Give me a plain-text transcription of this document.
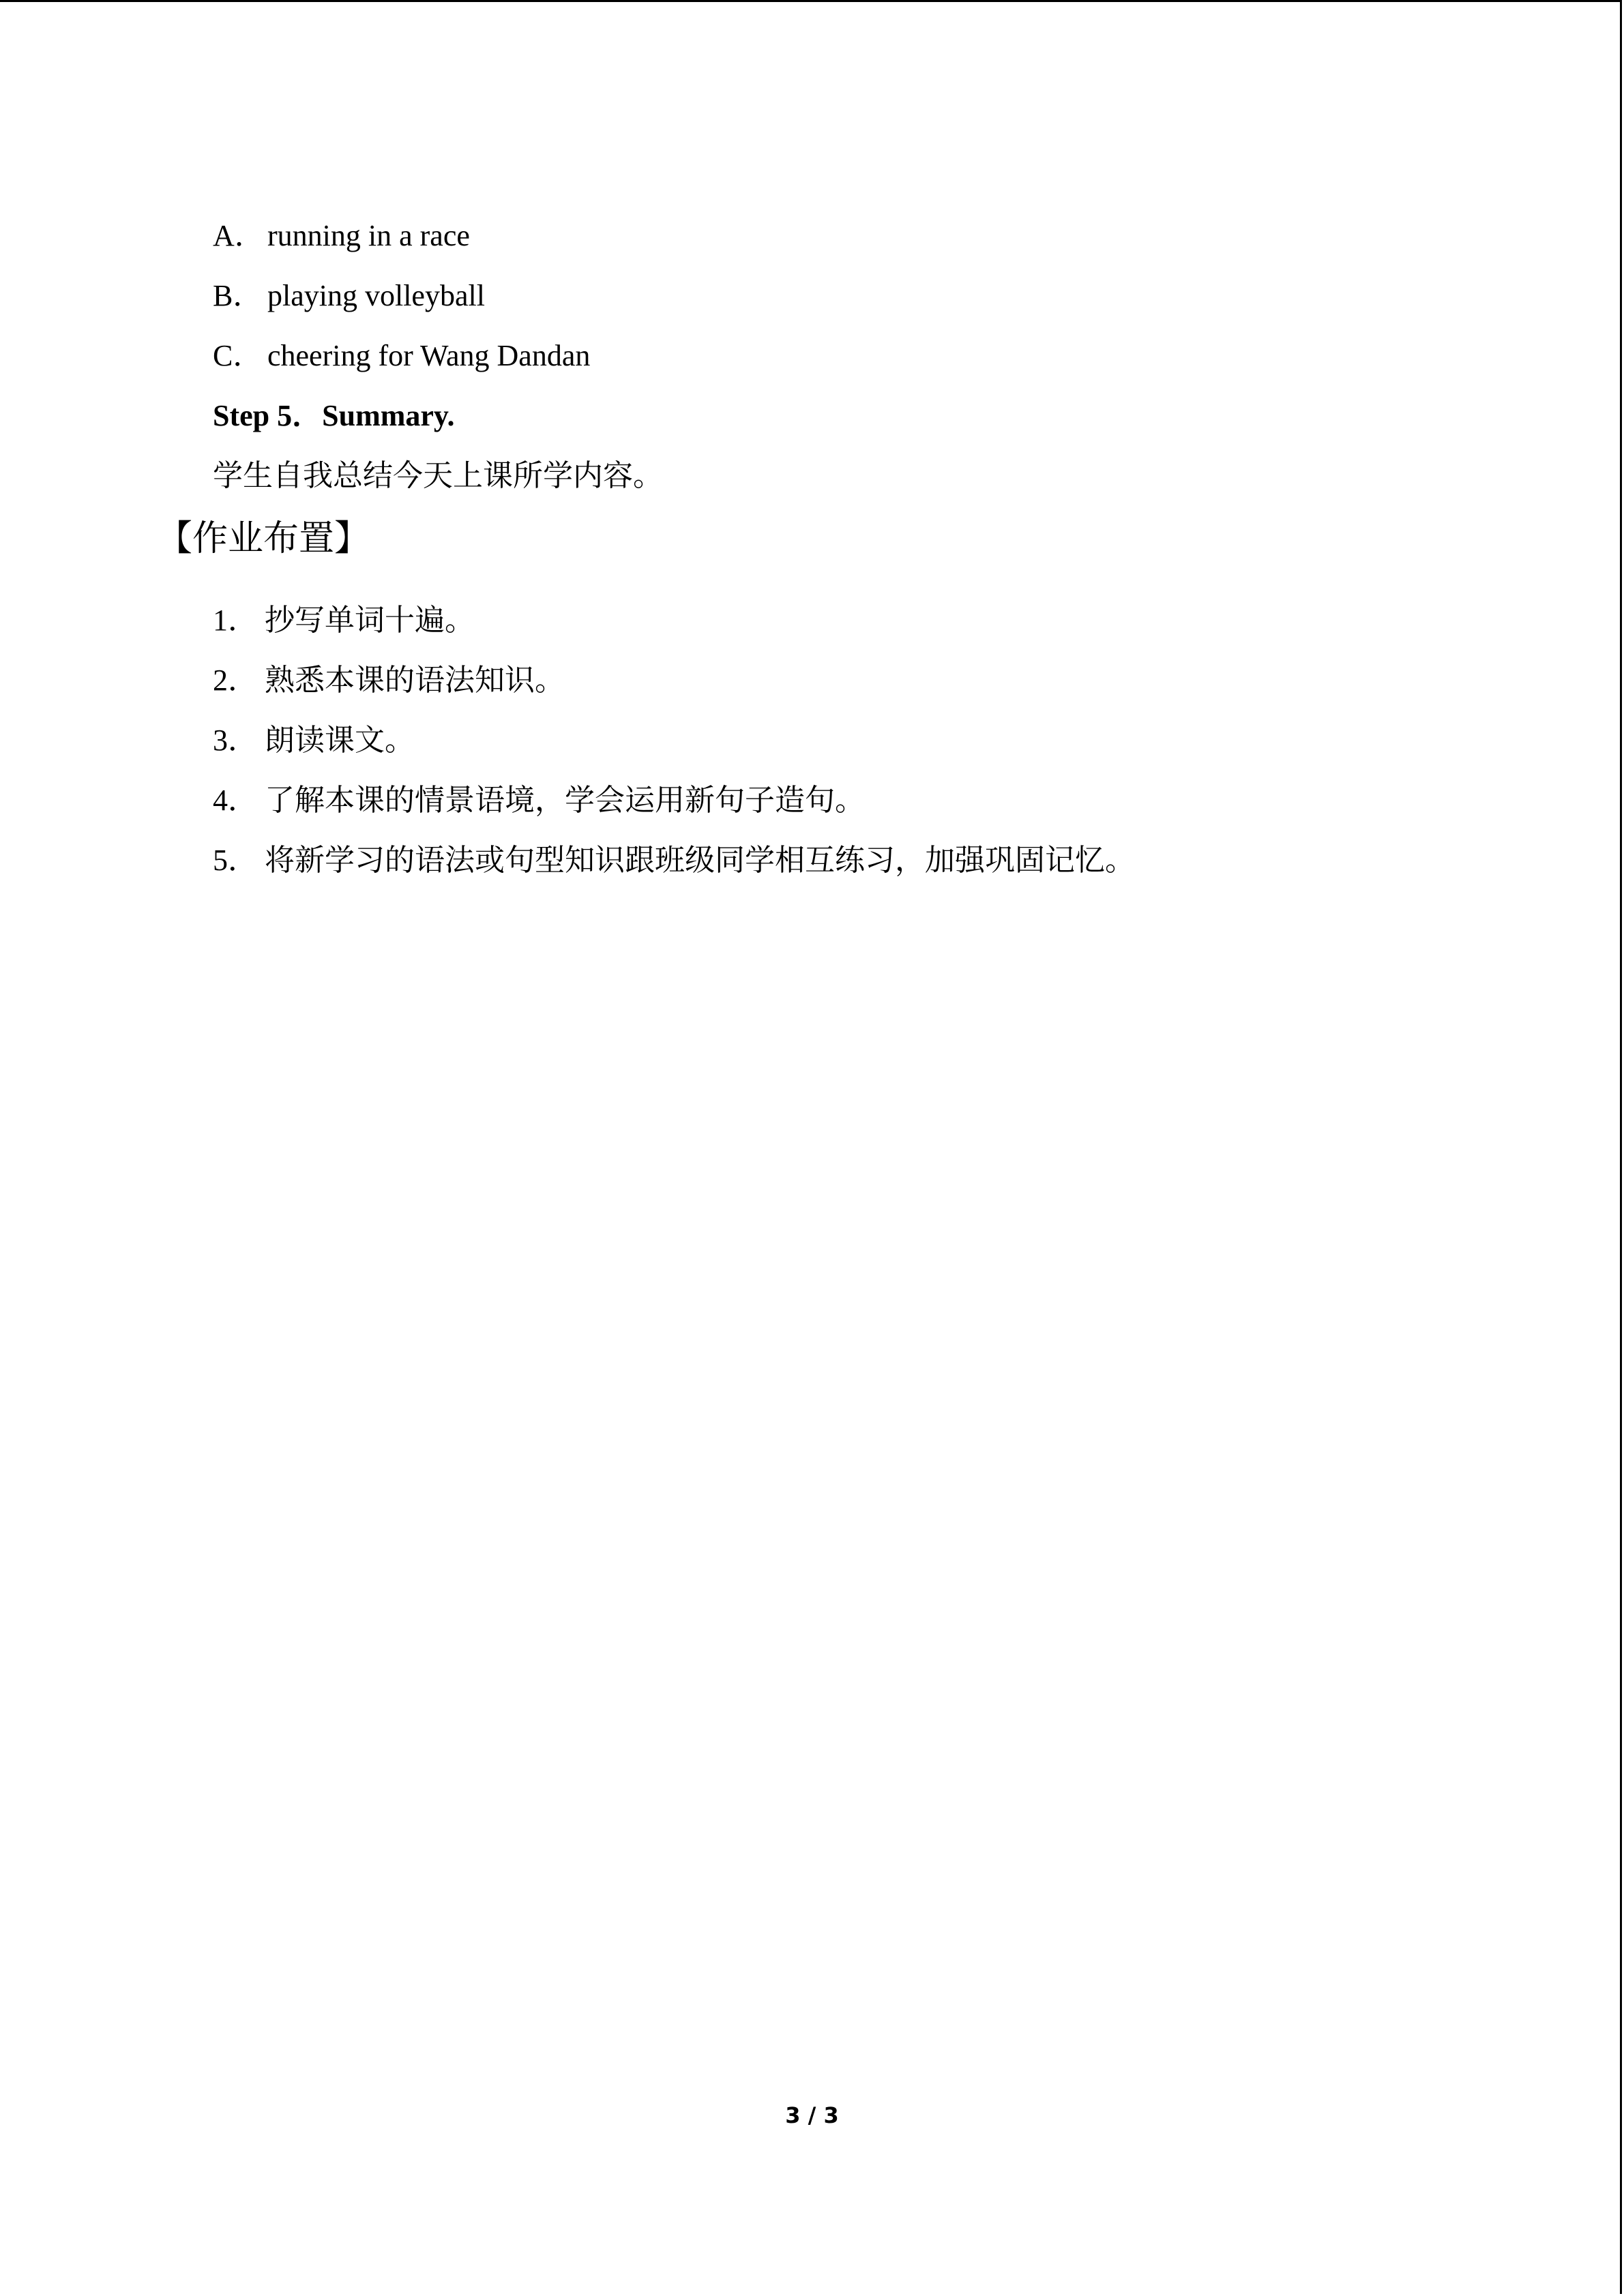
A．running in a race
B． playing volleyball
C． cheering for Wang Dandan
Step 5．Summary.
学生自我总结今天上课所学内容。
【作业布置】
1． 抄写单词十遍。
2． 熟悉本课的语法知识。
3． 朗读课文。
4． 了解本课的情景语境，学会运用新句子造句。
5． 将新学习的语法或句型知识跟班级同学相互练习，加强巩固记忆。
3 / 3
